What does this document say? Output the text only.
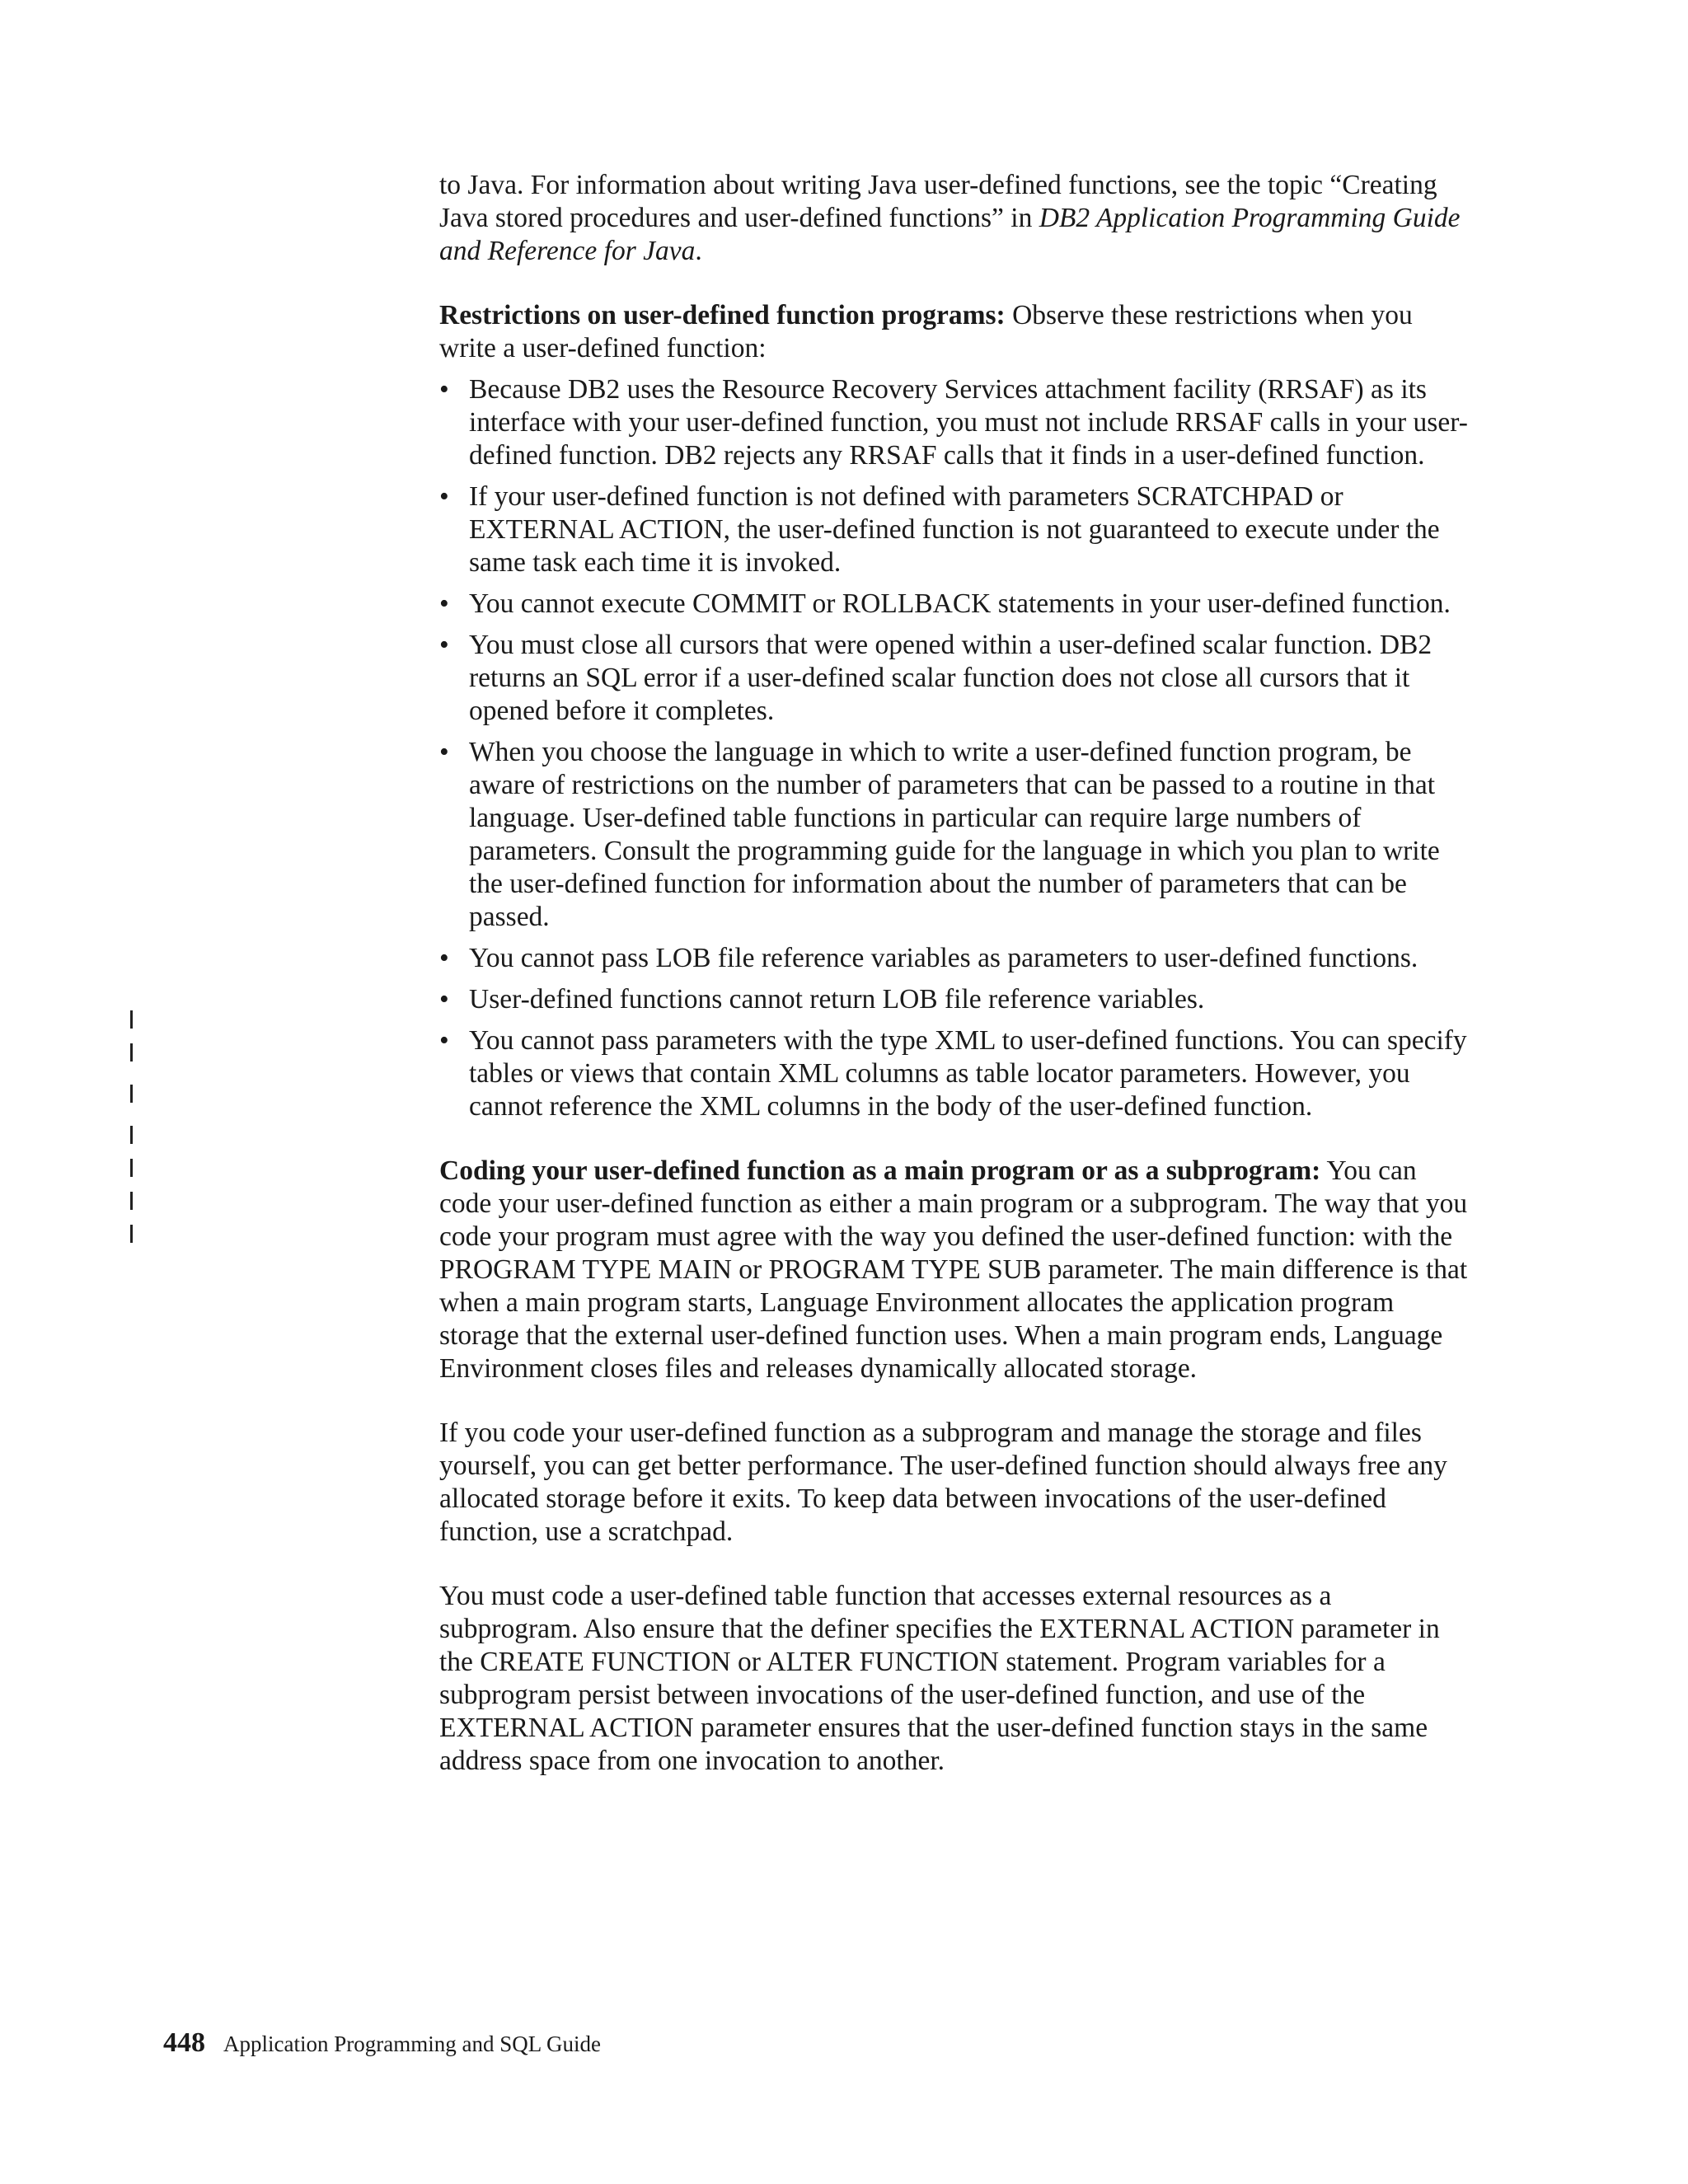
to Java. For information about writing Java user-defined functions, see the topic “Creating Java stored procedures and user-defined functions” in DB2 Application Programming Guide and Reference for Java.

Restrictions on user-defined function programs: Observe these restrictions when you write a user-defined function:

• Because DB2 uses the Resource Recovery Services attachment facility (RRSAF) as its interface with your user-defined function, you must not include RRSAF calls in your user-defined function. DB2 rejects any RRSAF calls that it finds in a user-defined function.
• If your user-defined function is not defined with parameters SCRATCHPAD or EXTERNAL ACTION, the user-defined function is not guaranteed to execute under the same task each time it is invoked.
• You cannot execute COMMIT or ROLLBACK statements in your user-defined function.
• You must close all cursors that were opened within a user-defined scalar function. DB2 returns an SQL error if a user-defined scalar function does not close all cursors that it opened before it completes.
• When you choose the language in which to write a user-defined function program, be aware of restrictions on the number of parameters that can be passed to a routine in that language. User-defined table functions in particular can require large numbers of parameters. Consult the programming guide for the language in which you plan to write the user-defined function for information about the number of parameters that can be passed.
• You cannot pass LOB file reference variables as parameters to user-defined functions.
• User-defined functions cannot return LOB file reference variables.
• You cannot pass parameters with the type XML to user-defined functions. You can specify tables or views that contain XML columns as table locator parameters. However, you cannot reference the XML columns in the body of the user-defined function.

Coding your user-defined function as a main program or as a subprogram: You can code your user-defined function as either a main program or a subprogram. The way that you code your program must agree with the way you defined the user-defined function: with the PROGRAM TYPE MAIN or PROGRAM TYPE SUB parameter. The main difference is that when a main program starts, Language Environment allocates the application program storage that the external user-defined function uses. When a main program ends, Language Environment closes files and releases dynamically allocated storage.

If you code your user-defined function as a subprogram and manage the storage and files yourself, you can get better performance. The user-defined function should always free any allocated storage before it exits. To keep data between invocations of the user-defined function, use a scratchpad.

You must code a user-defined table function that accesses external resources as a subprogram. Also ensure that the definer specifies the EXTERNAL ACTION parameter in the CREATE FUNCTION or ALTER FUNCTION statement. Program variables for a subprogram persist between invocations of the user-defined function, and use of the EXTERNAL ACTION parameter ensures that the user-defined function stays in the same address space from one invocation to another.

448 Application Programming and SQL Guide
